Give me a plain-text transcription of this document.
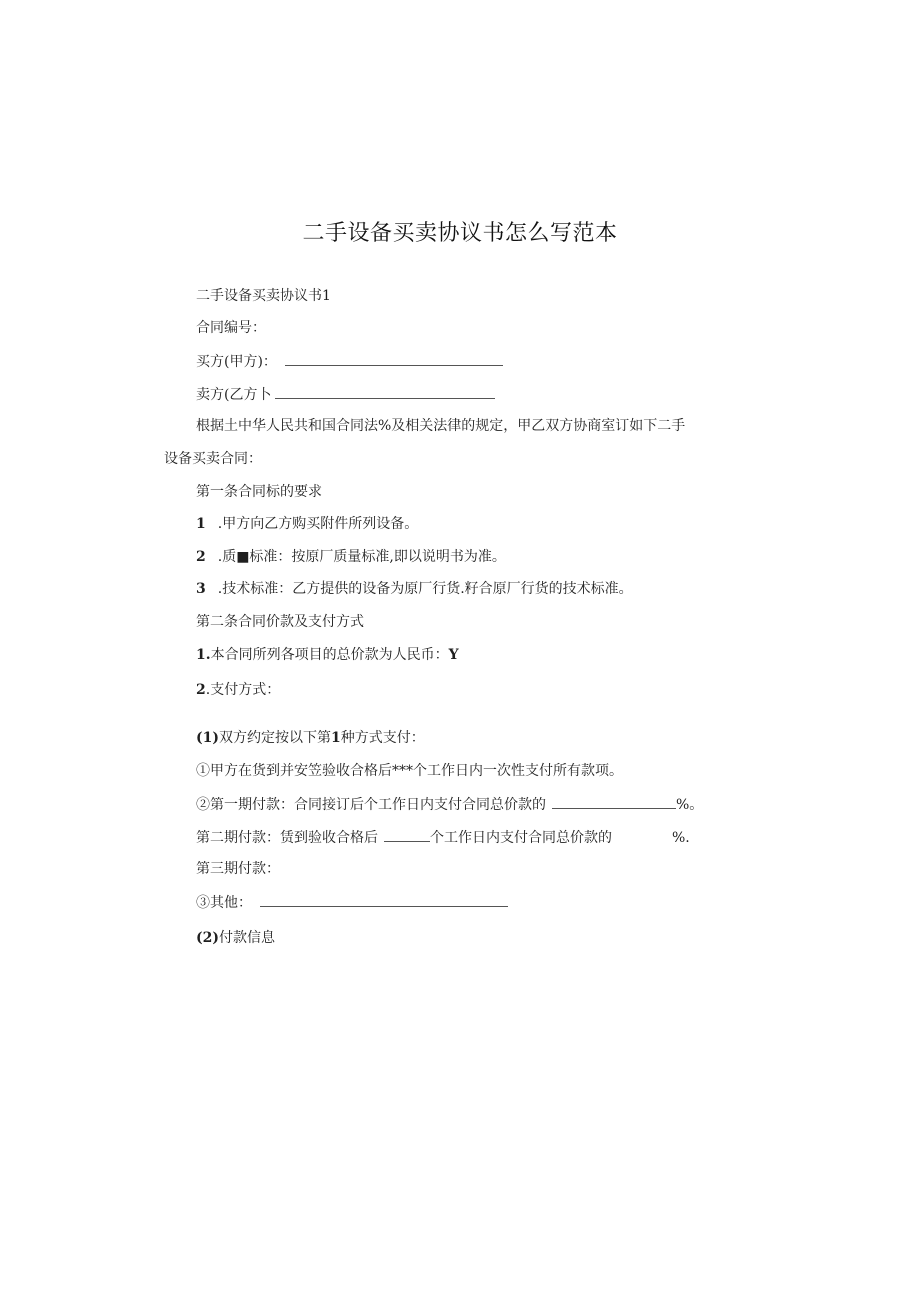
二手设备买卖协议书怎么写范本
二手设备买卖协议书1
合同编号：
买方(甲方)：
卖方(乙方卜
根据土中华人民共和国合同法%及相关法律的规定，甲乙双方协商室订如下二手
设备买卖合同：
第一条合同标的要求
1 .甲方向乙方购买附件所列设备。
2 .质■标准：按原厂质量标准,即以说明书为准。
3 .技术标准：乙方提供的设备为原厂行货.籽合原厂行货的技术标准。
第二条合同价款及支付方式
1.本合同所列各项目的总价款为人民币：Y
2.支付方式：
(1)双方约定按以下第1种方式支付：
①甲方在货到并安笠验收合格后***个工作日内一次性支付所有款项。
②第一期付款：合同接订后个工作日内支付合同总价款的	%。
第二期付款：赁到验收合格后	个工作日内支付合同总价款的	%.
第三期付款：
③其他：
(2)付款信息
